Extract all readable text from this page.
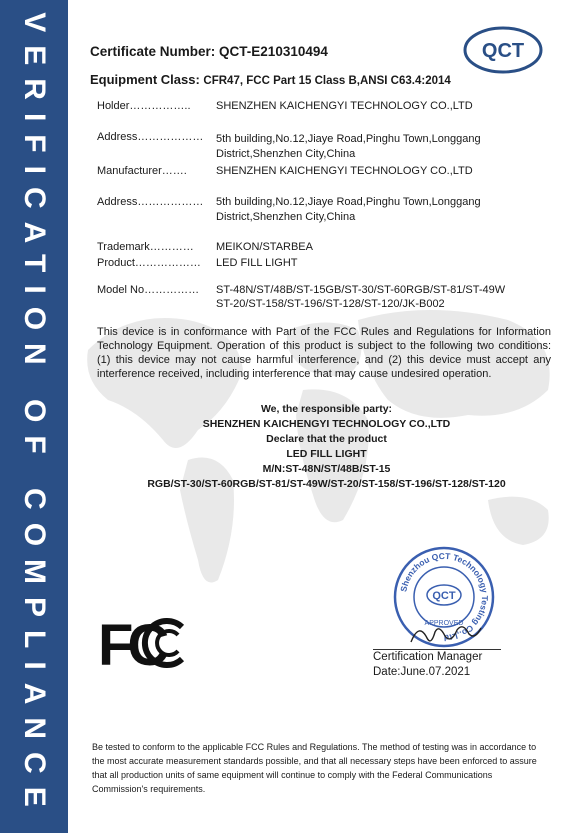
VERIFICATION OF COMPLIANCE	Certificate Number: QCT-E210310494
Equipment Class: CFR47, FCC Part 15 Class B,ANSI C63.4:2014
QCT
Holder…………….. SHENZHEN KAICHENGYI TECHNOLOGY CO.,LTD
Address……………… 5th building,No.12,Jiaye Road,Pinghu Town,Longgang
District,Shenzhen City,China
Manufacturer…….	SHENZHEN KAICHENGYI TECHNOLOGY CO.,LTD
Address……………… 5th building,No.12,Jiaye Road,Pinghu Town,Longgang
District,Shenzhen City,China
Trademark………… MEIKON/STARBEA
Product……………… LED FILL LIGHT
Model No…………… ST-48N/ST/48B/ST-15GB/ST-30/ST-60RGB/ST-81/ST-49W
ST-20/ST-158/ST-196/ST-128/ST-120/JK-B002
This device is in conformance with Part of the FCC Rules and Regulations for Information Technology Equipment. Operation of this product is subject to the following two conditions: (1) this device may not cause harmful interference, and (2) this device must accept any interference received, including interference that may cause undesired operation.
We, the responsible party:
SHENZHEN KAICHENGYI TECHNOLOGY CO.,LTD
Declare that the product
LED FILL LIGHT
M/N:ST-48N/ST/48B/ST-15
RGB/ST-30/ST-60RGB/ST-81/ST-49W/ST-20/ST-158/ST-196/ST-128/ST-120
FC
Shenzhou QCT Technology Testing Co.,Ltd
QCT
APPROVED
Certification Manager
Date:June.07.2021
Be tested to conform to the applicable FCC Rules and Regulations. The method of testing was in accordance to the most accurate measurement standards possible, and that all necessary steps have been enforced to assure that all production units of same equipment will continue to comply with the Federal Communications Commission's requirements.
